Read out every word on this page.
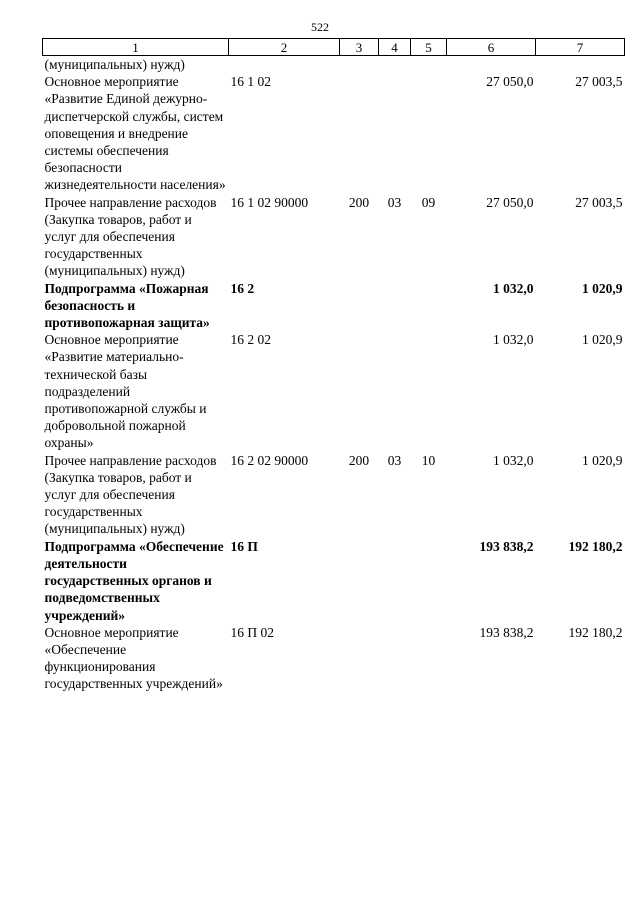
522
1	2	3	4	5	6	7
(муниципальных) нужд)						
Основное мероприятие «Развитие Единой дежурно-диспетчерской службы, систем оповещения и внедрение системы обеспечения безопасности жизнедеятельности населения»	16 1 02				27 050,0	27 003,5
Прочее направление расходов (Закупка товаров, работ и услуг для обеспечения государственных (муниципальных) нужд)	16 1 02 90000	200	03	09	27 050,0	27 003,5
Подпрограмма «Пожарная безопасность и противопожарная защита»	16 2				1 032,0	1 020,9
Основное мероприятие «Развитие материально-технической базы подразделений противопожарной службы и добровольной пожарной охраны»	16 2 02				1 032,0	1 020,9
Прочее направление расходов (Закупка товаров, работ и услуг для обеспечения государственных (муниципальных) нужд)	16 2 02 90000	200	03	10	1 032,0	1 020,9
Подпрограмма «Обеспечение деятельности государственных органов и подведомственных учреждений»	16 П				193 838,2	192 180,2
Основное мероприятие «Обеспечение функционирования государственных учреждений»	16 П 02				193 838,2	192 180,2
